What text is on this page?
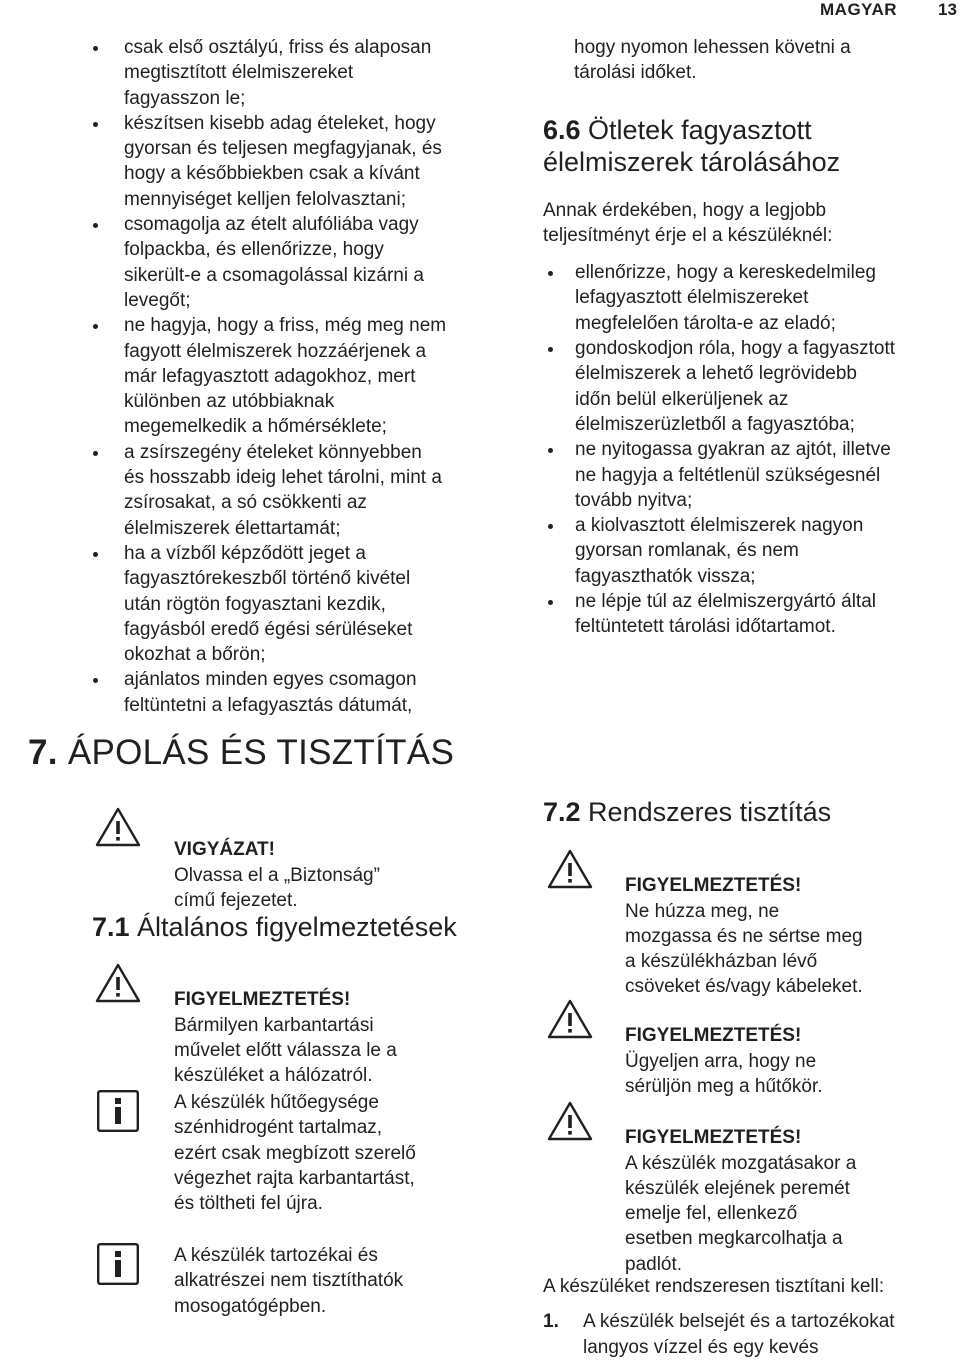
MAGYAR 13
csak első osztályú, friss és alaposan
megtisztított élelmiszereket
fagyasszon le;
készítsen kisebb adag ételeket, hogy
gyorsan és teljesen megfagyjanak, és
hogy a későbbiekben csak a kívánt
mennyiséget kelljen felolvasztani;
csomagolja az ételt alufóliába vagy
folpackba, és ellenőrizze, hogy
sikerült-e a csomagolással kizárni a
levegőt;
ne hagyja, hogy a friss, még meg nem
fagyott élelmiszerek hozzáérjenek a
már lefagyasztott adagokhoz, mert
különben az utóbbiaknak
megemelkedik a hőmérséklete;
a zsírszegény ételeket könnyebben
és hosszabb ideig lehet tárolni, mint a
zsírosakat, a só csökkenti az
élelmiszerek élettartamát;
ha a vízből képződött jeget a
fagyasztórekeszből történő kivétel
után rögtön fogyasztani kezdik,
fagyásból eredő égési sérüléseket
okozhat a bőrön;
ajánlatos minden egyes csomagon
feltüntetni a lefagyasztás dátumát,
hogy nyomon lehessen követni a
tárolási időket.
6.6 Ötletek fagyasztott
élelmiszerek tárolásához
Annak érdekében, hogy a legjobb
teljesítményt érje el a készüléknél:
ellenőrizze, hogy a kereskedelmileg
lefagyasztott élelmiszereket
megfelelően tárolta-e az eladó;
gondoskodjon róla, hogy a fagyasztott
élelmiszerek a lehető legrövidebb
időn belül elkerüljenek az
élelmiszerüzletből a fagyasztóba;
ne nyitogassa gyakran az ajtót, illetve
ne hagyja a feltétlenül szükségesnél
tovább nyitva;
a kiolvasztott élelmiszerek nagyon
gyorsan romlanak, és nem
fagyaszthatók vissza;
ne lépje túl az élelmiszergyártó által
feltüntetett tárolási időtartamot.
7. ÁPOLÁS ÉS TISZTÍTÁS

VIGYÁZAT!
Olvassa el a „Biztonság”
című fejezetet.

7.1 Általános figyelmeztetések

FIGYELMEZTETÉS!
Bármilyen karbantartási
művelet előtt válassza le a
készüléket a hálózatról.

A készülék hűtőegysége
szénhidrogént tartalmaz,
ezért csak megbízott szerelő
végezhet rajta karbantartást,
és töltheti fel újra.
A készülék tartozékai és
alkatrészei nem tisztíthatók
mosogatógépben.
7.2 Rendszeres tisztítás

FIGYELMEZTETÉS!
Ne húzza meg, ne
mozgassa és ne sértse meg
a készülékházban lévő
csöveket és/vagy kábeleket.

FIGYELMEZTETÉS!
Ügyeljen arra, hogy ne
sérüljön meg a hűtőkör.

FIGYELMEZTETÉS!
A készülék mozgatásakor a
készülék elejének peremét
emelje fel, ellenkező
esetben megkarcolhatja a
padlót.

A készüléket rendszeresen tisztítani kell:
1. A készülék belsejét és a tartozékokat
langyos vízzel és egy kevés
